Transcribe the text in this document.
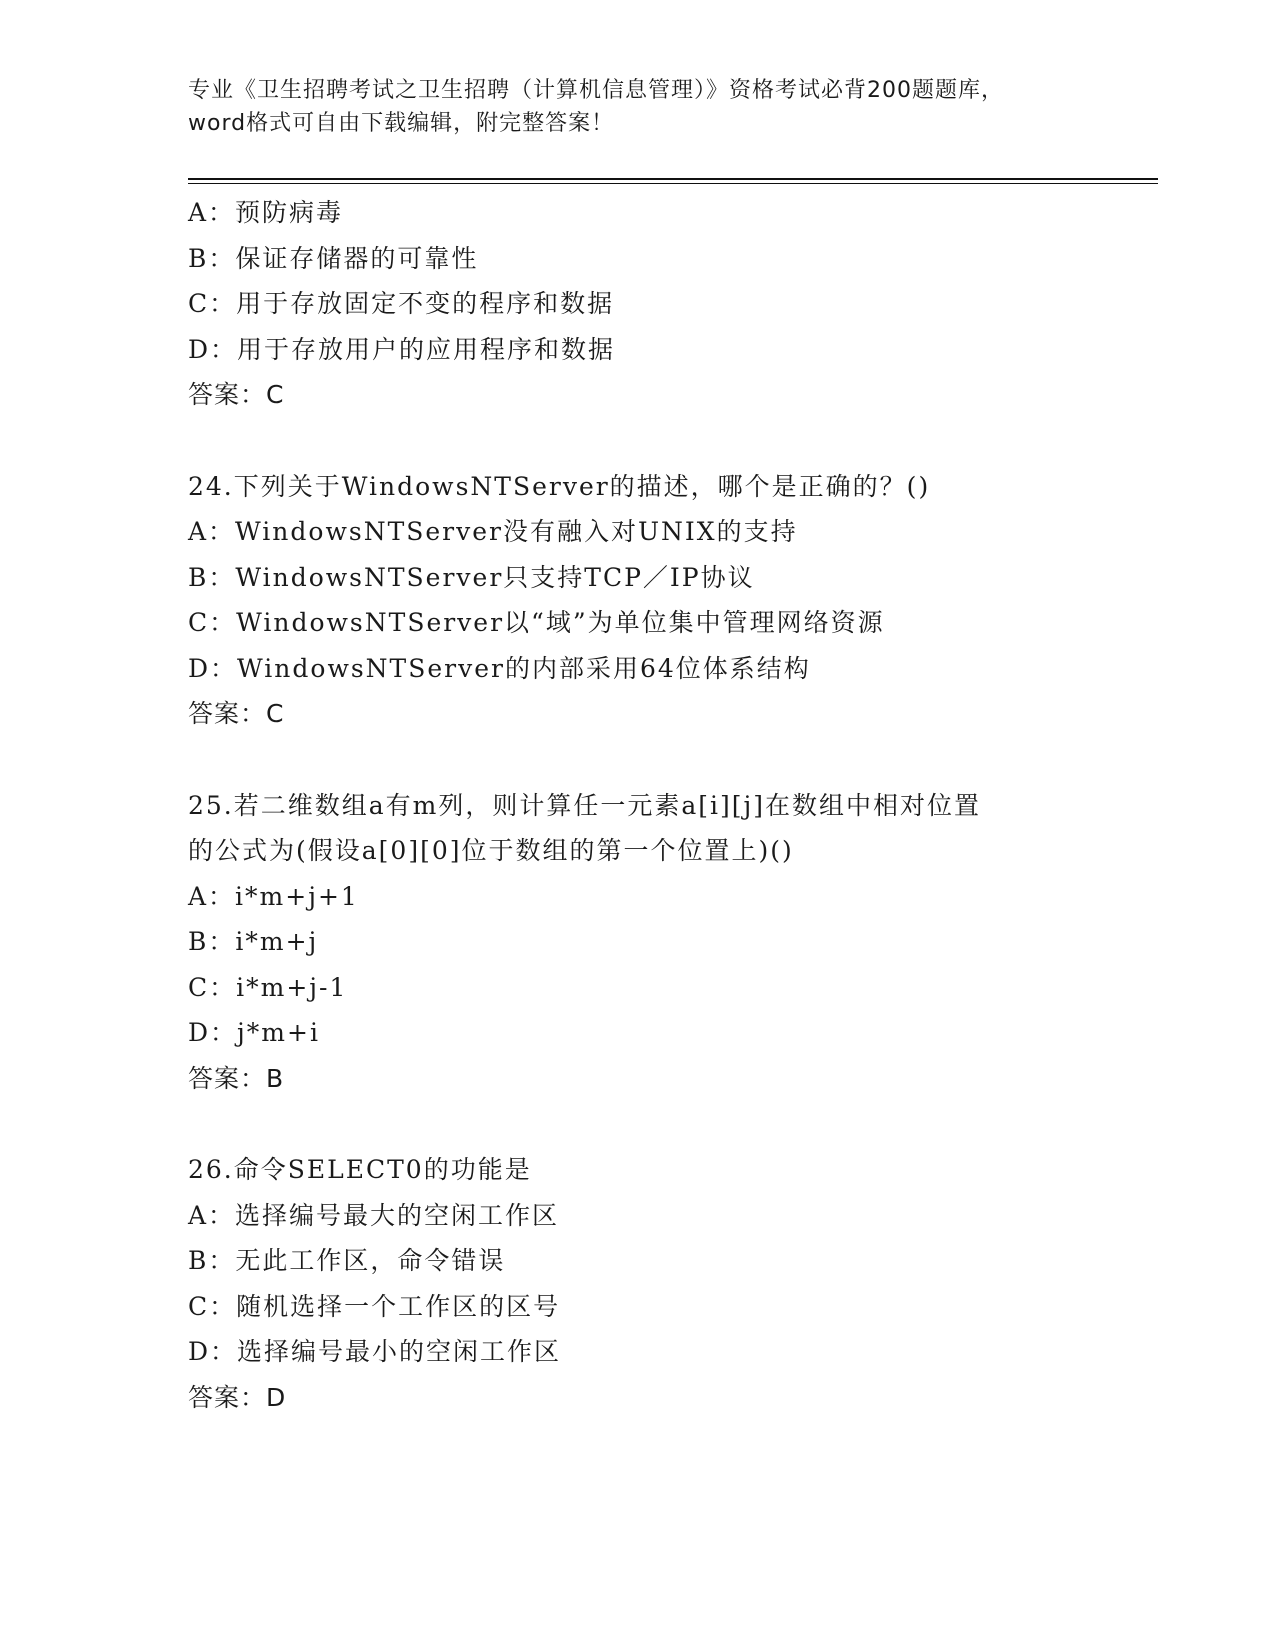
专业《卫生招聘考试之卫生招聘（计算机信息管理）》资格考试必背200题题库，
word格式可自由下载编辑，附完整答案！
A：预防病毒
B：保证存储器的可靠性
C：用于存放固定不变的程序和数据
D：用于存放用户的应用程序和数据
答案：C
24.下列关于WindowsNTServer的描述，哪个是正确的？()
A：WindowsNTServer没有融入对UNIX的支持
B：WindowsNTServer只支持TCP／IP协议
C：WindowsNTServer以“域”为单位集中管理网络资源
D：WindowsNTServer的内部采用64位体系结构
答案：C
25.若二维数组a有m列，则计算任一元素a[i][j]在数组中相对位置
的公式为(假设a[0][0]位于数组的第一个位置上)()
A：i*m+j+1
B：i*m+j
C：i*m+j-1
D：j*m+i
答案：B
26.命令SELECT0的功能是
A：选择编号最大的空闲工作区
B：无此工作区，命令错误
C：随机选择一个工作区的区号
D：选择编号最小的空闲工作区
答案：D
